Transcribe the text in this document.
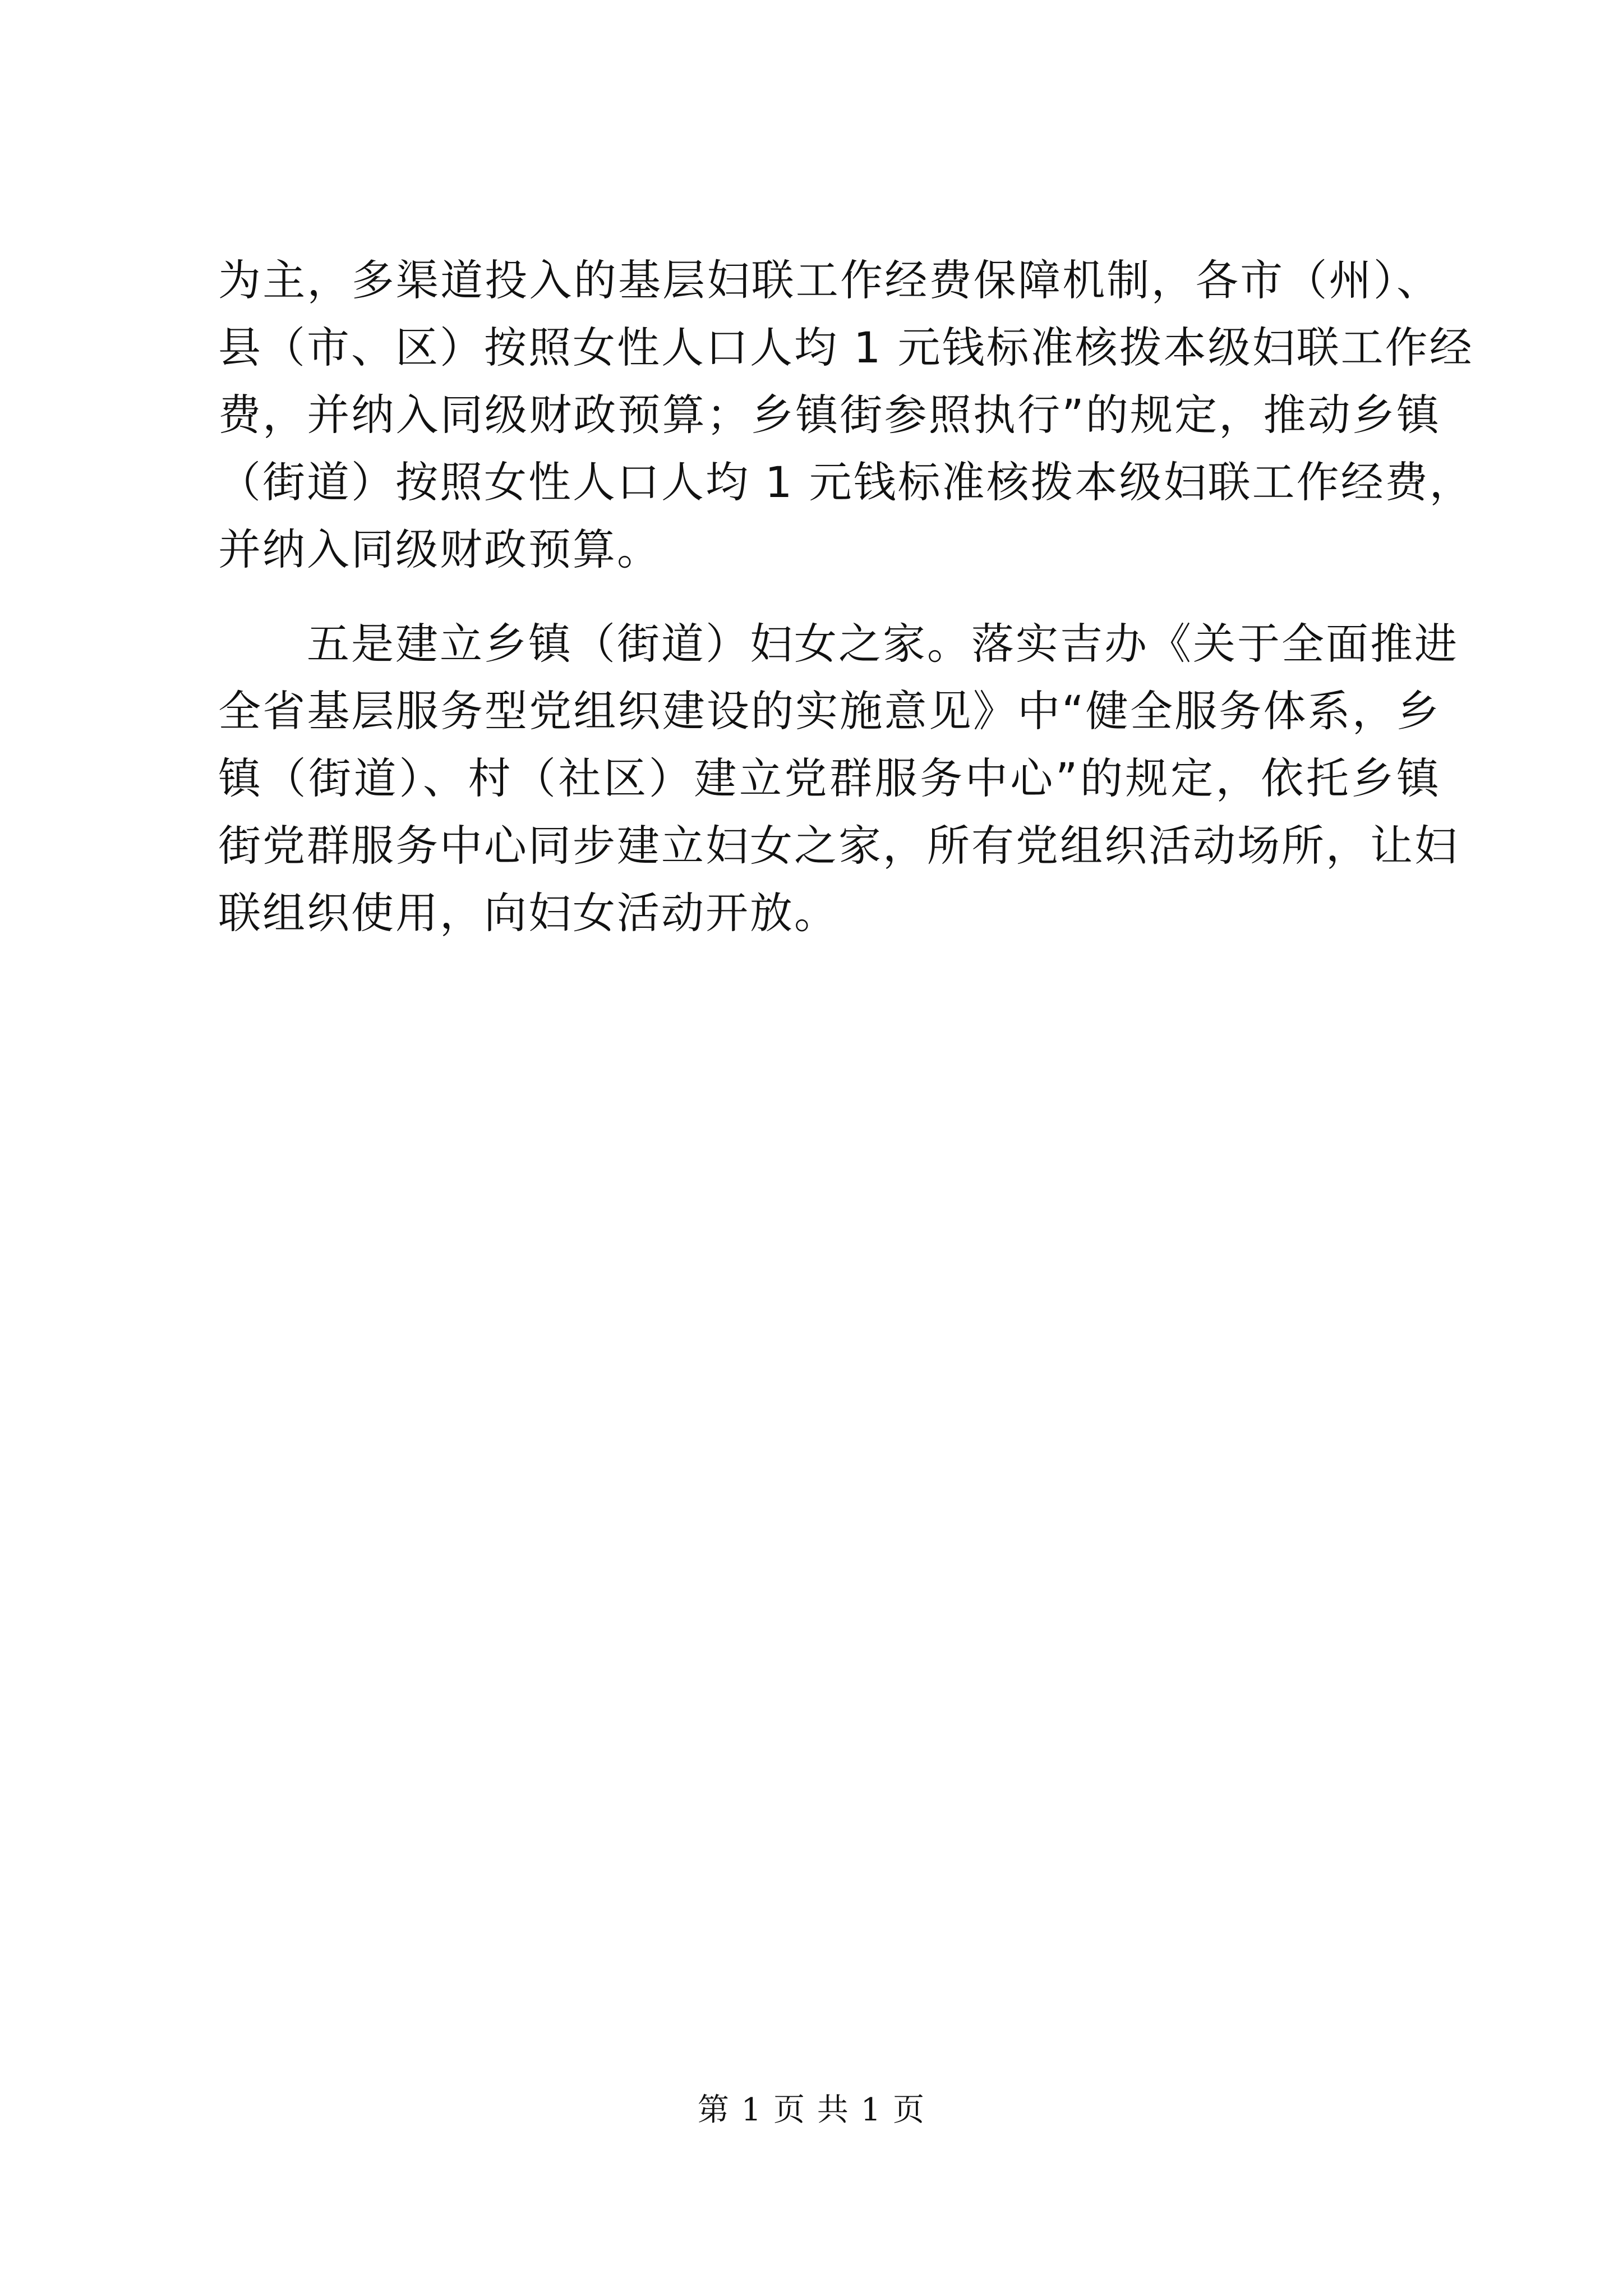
为主，多渠道投入的基层妇联工作经费保障机制，各市（州）、
县（市、区）按照女性人口人均 1 元钱标准核拨本级妇联工作经
费，并纳入同级财政预算；乡镇街参照执行”的规定，推动乡镇
（街道）按照女性人口人均 1 元钱标准核拨本级妇联工作经费，
并纳入同级财政预算。
五是建立乡镇（街道）妇女之家。落实吉办《关于全面推进
全省基层服务型党组织建设的实施意见》中“健全服务体系，乡
镇（街道）、村（社区）建立党群服务中心”的规定，依托乡镇
街党群服务中心同步建立妇女之家，所有党组织活动场所，让妇
联组织使用，向妇女活动开放。
第 1 页 共 1 页
